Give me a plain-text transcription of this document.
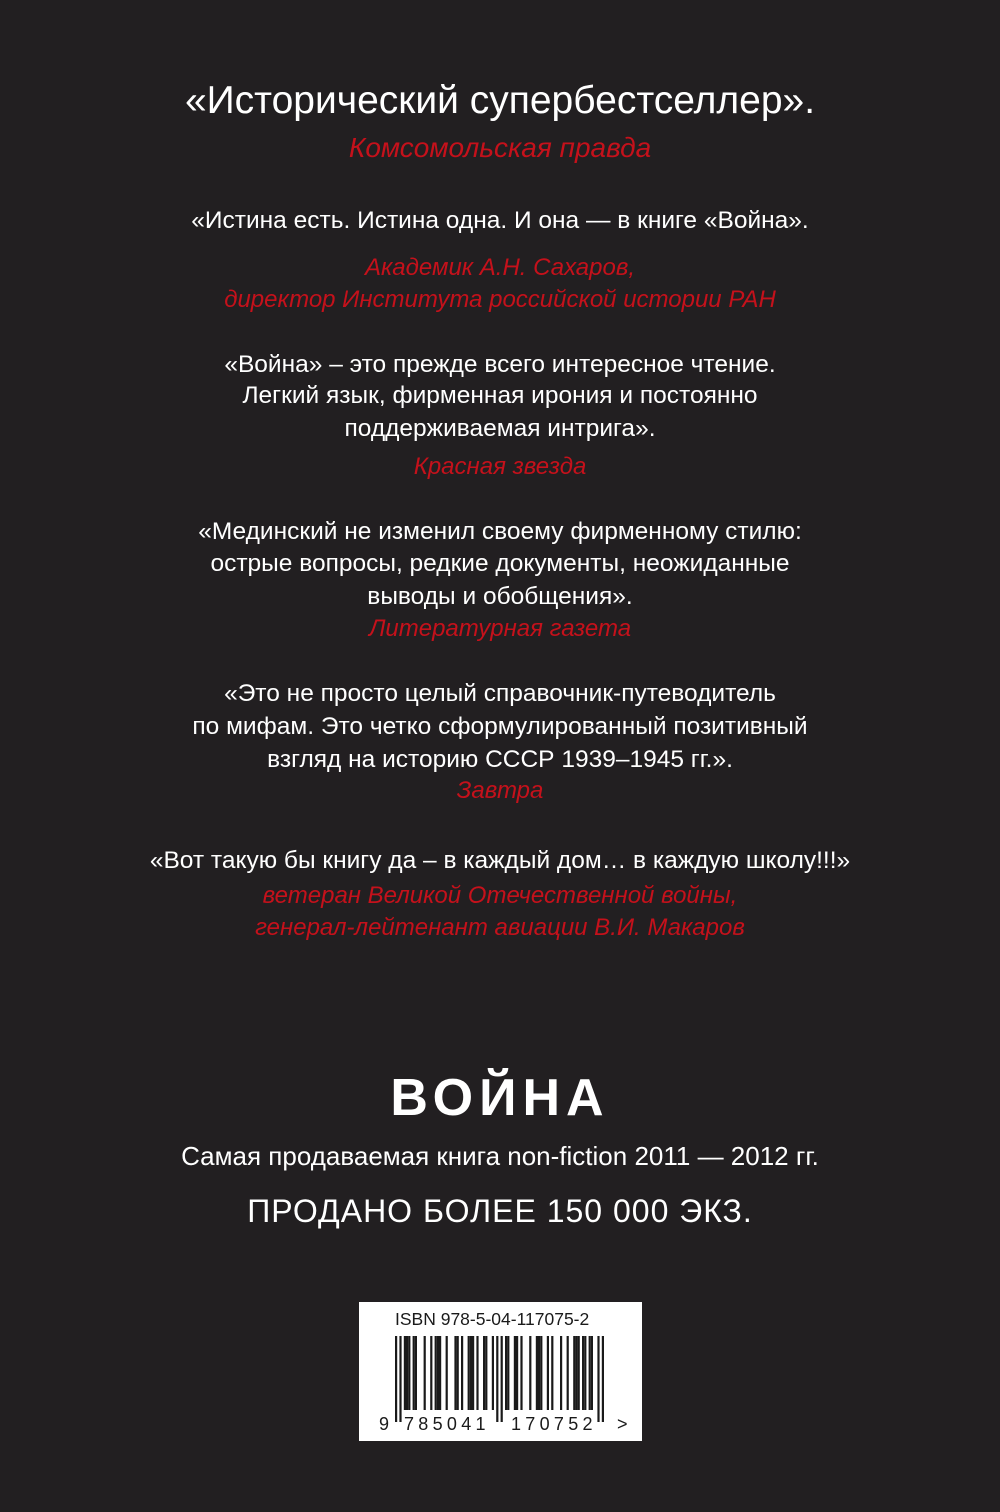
«Исторический супербестселлер».
Комсомольская правда
«Истина есть. Истина одна. И она — в книге «Война».
Академик А.Н. Сахаров,
директор Института российской истории РАН
«Война» – это прежде всего интересное чтение.
Легкий язык, фирменная ирония и постоянно
поддерживаемая интрига».
Красная звезда
«Мединский не изменил своему фирменному стилю:
острые вопросы, редкие документы, неожиданные
выводы и обобщения».
Литературная газета
«Это не просто целый справочник-путеводитель
по мифам. Это четко сформулированный позитивный
взгляд на историю СССР 1939–1945 гг.».
Завтра
«Вот такую бы книгу да – в каждый дом… в каждую школу!!!»
ветеран Великой Отечественной войны,
генерал-лейтенант авиации В.И. Макаров
ВОЙНА
Самая продаваемая книга non-fiction 2011 — 2012 гг.
ПРОДАНО БОЛЕЕ 150 000 ЭКЗ.
ISBN 978-5-04-117075-2
9 785041 170752 >
